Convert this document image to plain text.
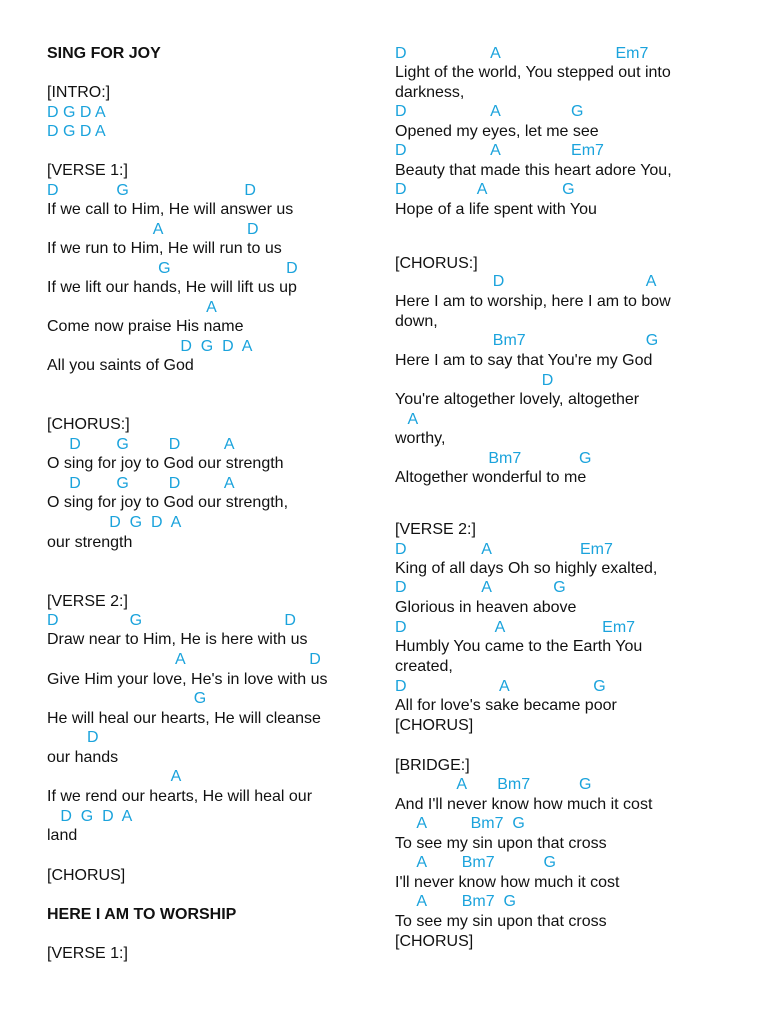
SING FOR JOY
[INTRO:]
D G D A
D G D A
[VERSE 1:]
D             G                          D
If we call to Him, He will answer us
A                   D
If we run to Him, He will run to us
G                          D
If we lift our hands, He will lift us up
A
Come now praise His name
D  G  D  A
All you saints of God
[CHORUS:]
D        G         D          A
O sing for joy to God our strength
D        G         D          A
O sing for joy to God our strength,
D  G  D  A
our strength
[VERSE 2:]
D                G                                D
Draw near to Him, He is here with us
A                            D
Give Him your love, He's in love with us
G
He will heal our hearts, He will cleanse
D
our hands
A
If we rend our hearts, He will heal our
D  G  D  A
land
[CHORUS]
HERE I AM TO WORSHIP
[VERSE 1:]
D                   A                          Em7
Light of the world, You stepped out into
darkness,
D                   A                G
Opened my eyes, let me see
D                   A                Em7
Beauty that made this heart adore You,
D                A                 G
Hope of a life spent with You
[CHORUS:]
D                                A
Here I am to worship, here I am to bow
down,
Bm7                           G
Here I am to say that You're my God
D
You're altogether lovely, altogether
A
worthy,
Bm7             G
Altogether wonderful to me
[VERSE 2:]
D                 A                    Em7
King of all days Oh so highly exalted,
D                 A              G
Glorious in heaven above
D                    A                      Em7
Humbly You came to the Earth You
created,
D                     A                   G
All for love's sake became poor
[CHORUS]
[BRIDGE:]
A       Bm7           G
And I'll never know how much it cost
A          Bm7  G
To see my sin upon that cross
A        Bm7           G
I'll never know how much it cost
A        Bm7  G
To see my sin upon that cross
[CHORUS]
